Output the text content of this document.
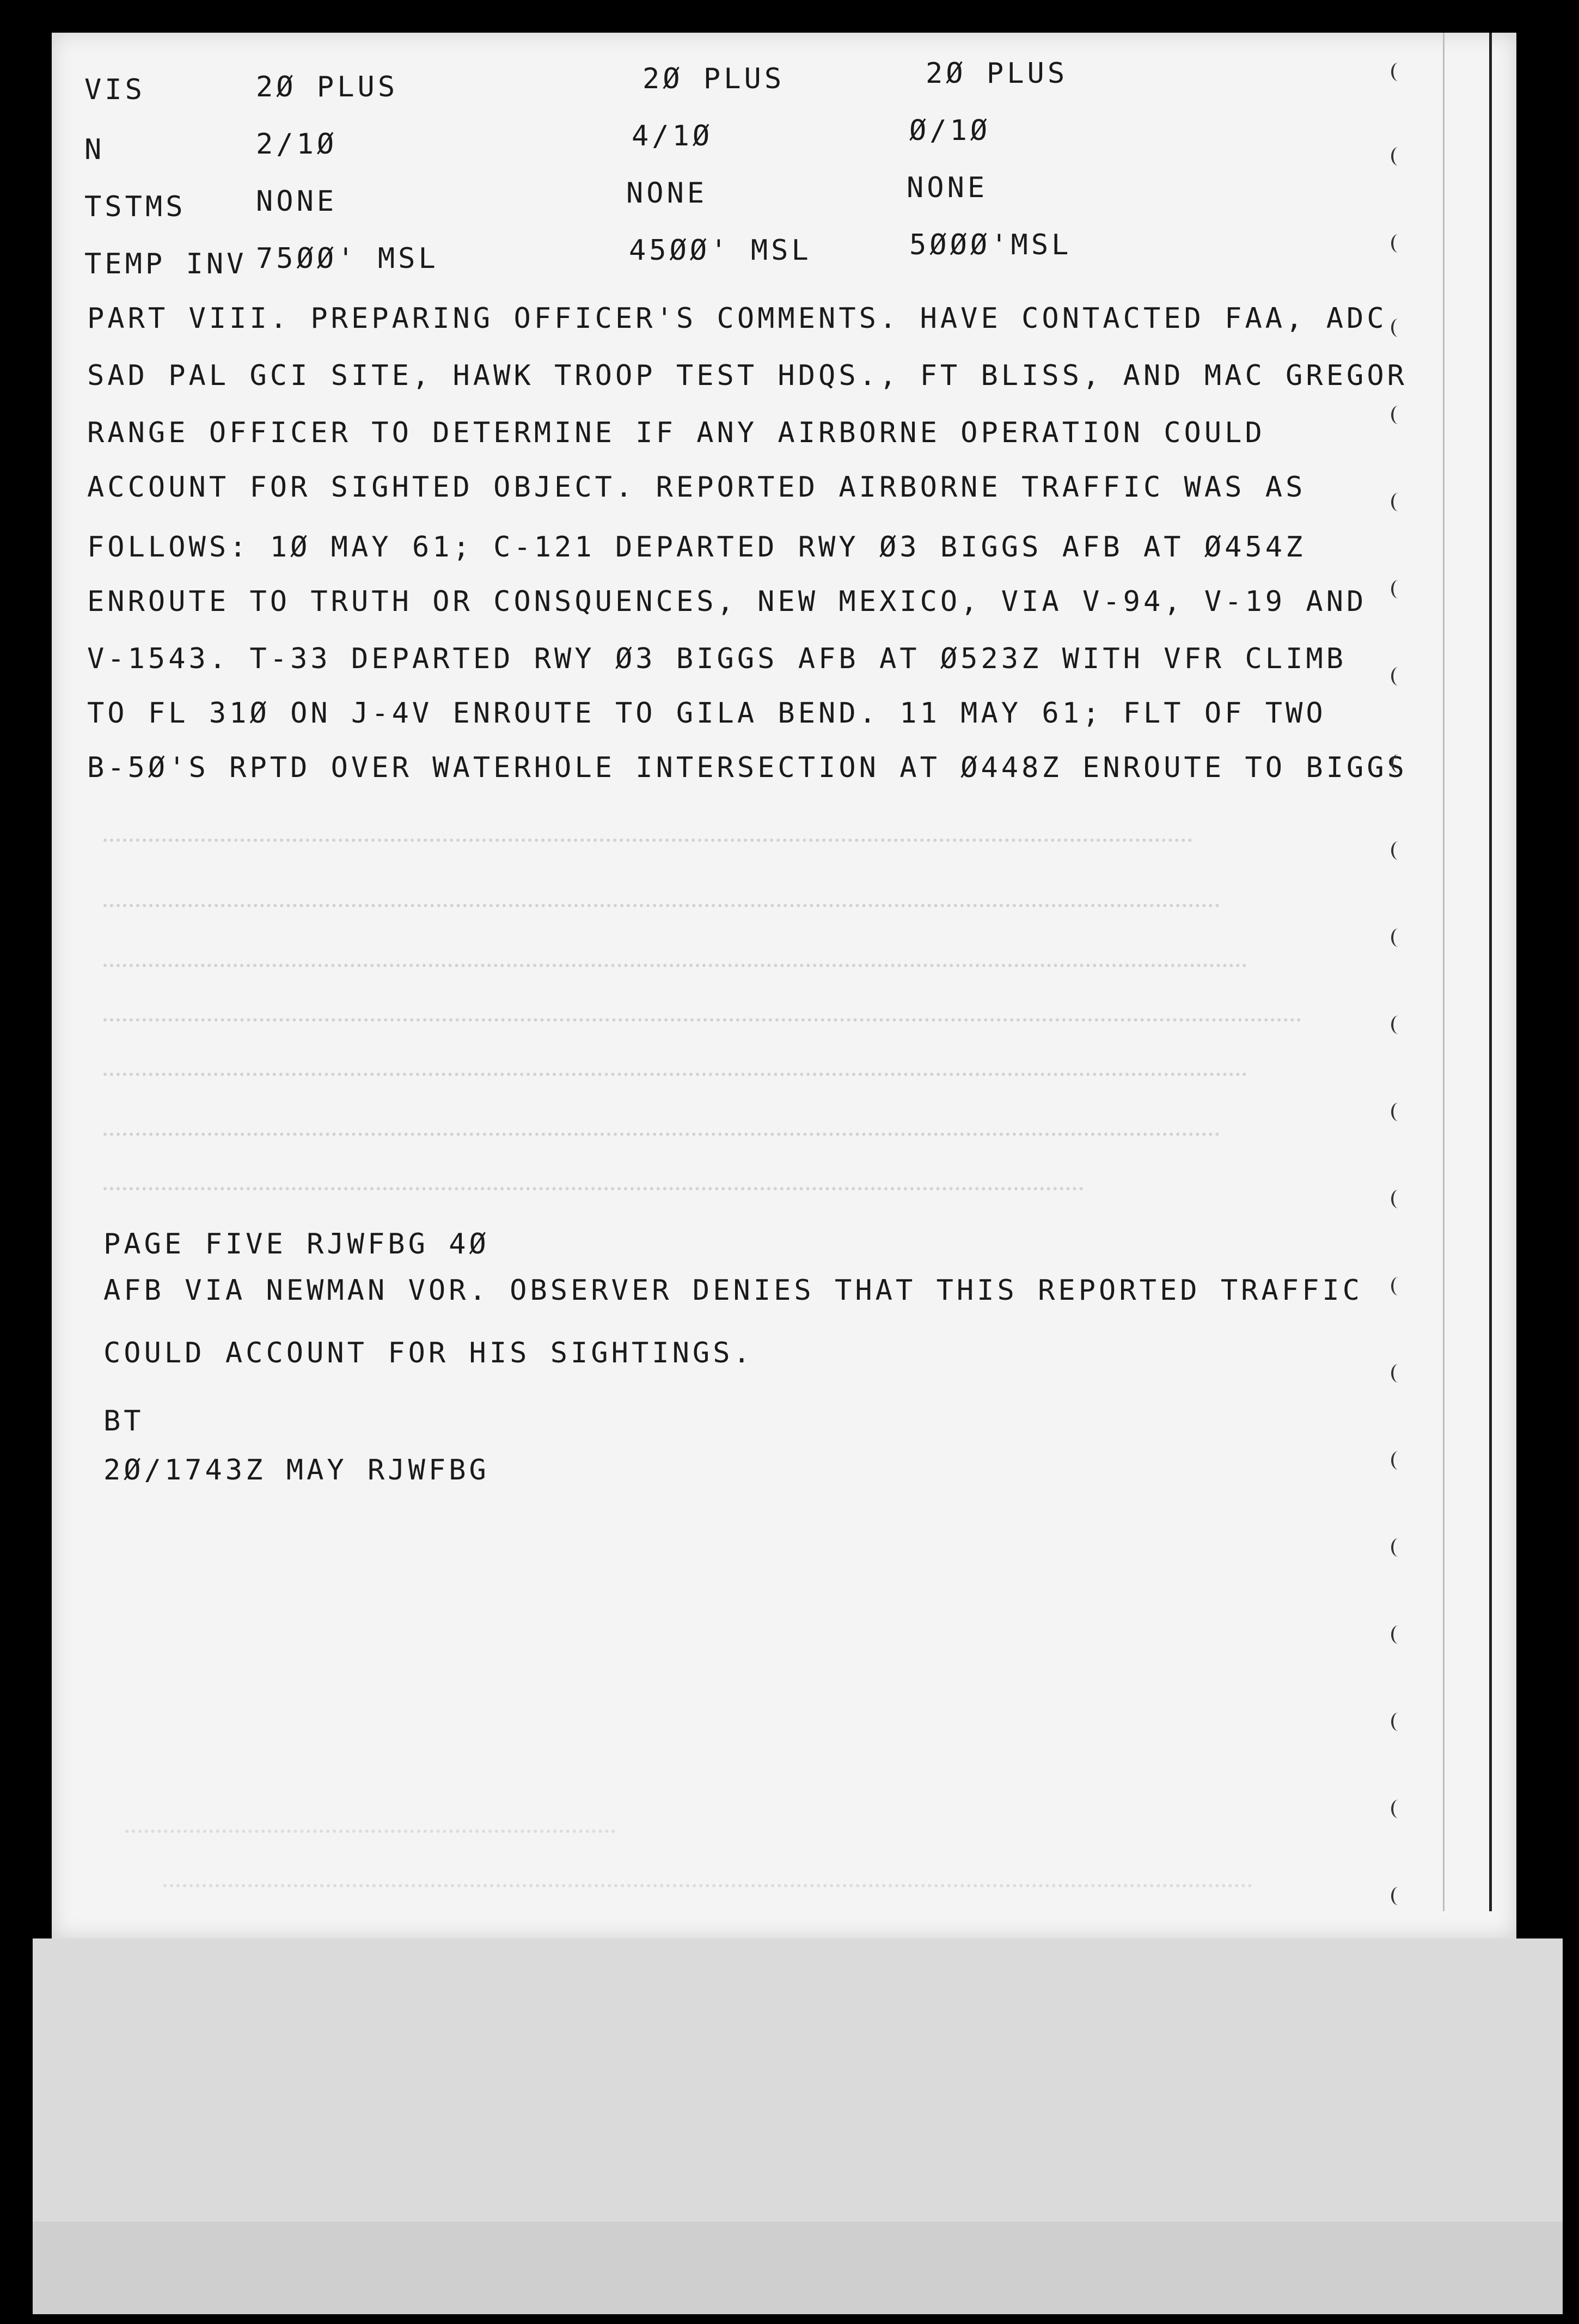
VIS	2Ø PLUS	2Ø PLUS	2Ø PLUS
N	2/1Ø	4/1Ø	Ø/1Ø
TSTMS NONE	NONE	NONE
TEMP INV 75ØØ' MSL	45ØØ' MSL	5ØØØ'MSL
PART VIII. PREPARING OFFICER'S COMMENTS. HAVE CONTACTED FAA, ADC
SAD PAL GCI SITE, HAWK TROOP TEST HDQS., FT BLISS, AND MAC GREGOR
RANGE OFFICER TO DETERMINE IF ANY AIRBORNE OPERATION COULD
ACCOUNT FOR SIGHTED OBJECT. REPORTED AIRBORNE TRAFFIC WAS AS
FOLLOWS: 1Ø MAY 61; C-121 DEPARTED RWY Ø3 BIGGS AFB AT Ø454Z
ENROUTE TO TRUTH OR CONSQUENCES, NEW MEXICO, VIA V-94, V-19 AND
V-1543. T-33 DEPARTED RWY Ø3 BIGGS AFB AT Ø523Z WITH VFR CLIMB
TO FL 31Ø ON J-4V ENROUTE TO GILA BEND. 11 MAY 61; FLT OF TWO
B-5Ø'S RPTD OVER WATERHOLE INTERSECTION AT Ø448Z ENROUTE TO BIGGS
PAGE FIVE RJWFBG 4Ø
AFB VIA NEWMAN VOR. OBSERVER DENIES THAT THIS REPORTED TRAFFIC
COULD ACCOUNT FOR HIS SIGHTINGS.
BT
2Ø/1743Z MAY RJWFBG
